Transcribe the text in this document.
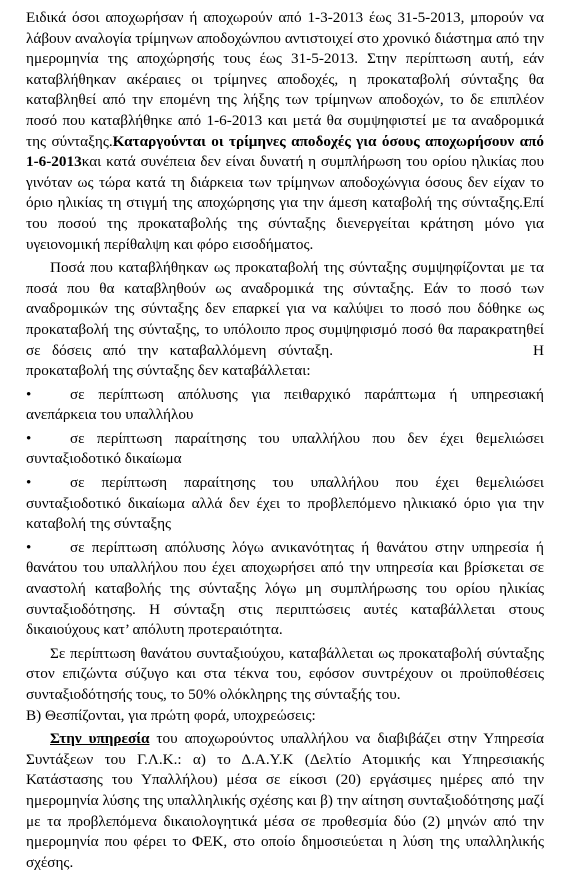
Ειδικά όσοι αποχωρήσαν ή αποχωρούν από 1-3-2013 έως 31-5-2013, μπορούν να λάβουν αναλογία τρίμηνων αποδοχώνπου αντιστοιχεί στο χρονικό διάστημα από την ημερομηνία της αποχώρησής τους έως 31-5-2013. Στην περίπτωση αυτή, εάν καταβλήθηκαν ακέραιες οι τρίμηνες αποδοχές, η προκαταβολή σύνταξης θα καταβληθεί από την επομένη της λήξης των τρίμηνων αποδοχών, το δε επιπλέον ποσό που καταβλήθηκε από 1-6-2013 και μετά θα συμψηφιστεί με τα αναδρομικά της σύνταξης.Καταργούνται οι τρίμηνες αποδοχές για όσους αποχωρήσουν από 1-6-2013και κατά συνέπεια δεν είναι δυνατή η συμπλήρωση του ορίου ηλικίας που γινόταν ως τώρα κατά τη διάρκεια των τρίμηνων αποδοχώνγια όσους δεν είχαν το όριο ηλικίας τη στιγμή της αποχώρησης για την άμεση καταβολή της σύνταξης.Επί του ποσού της προκαταβολής της σύνταξης διενεργείται κράτηση μόνο για υγειονομική περίθαλψη και φόρο εισοδήματος.

Ποσά που καταβλήθηκαν ως προκαταβολή της σύνταξης συμψηφίζονται με τα ποσά που θα καταβληθούν ως αναδρομικά της σύνταξης. Εάν το ποσό των αναδρομικών της σύνταξης δεν επαρκεί για να καλύψει το ποσό που δόθηκε ως προκαταβολή της σύνταξης, το υπόλοιπο προς συμψηφισμό ποσό θα παρακρατηθεί σε δόσεις από την καταβαλλόμενη σύνταξη.	Η

προκαταβολή της σύνταξης δεν καταβάλλεται:

•	σε περίπτωση απόλυσης για πειθαρχικό παράπτωμα ή υπηρεσιακή ανεπάρκεια του υπαλλήλου

•	σε περίπτωση παραίτησης του υπαλλήλου που δεν έχει θεμελιώσει συνταξιοδοτικό δικαίωμα

•	σε περίπτωση παραίτησης του υπαλλήλου που έχει θεμελιώσει συνταξιοδοτικό δικαίωμα αλλά δεν έχει το προβλεπόμενο ηλικιακό όριο για την καταβολή της σύνταξης

•	σε περίπτωση απόλυσης λόγω ανικανότητας ή θανάτου στην υπηρεσία ή θανάτου του υπαλλήλου που έχει αποχωρήσει από την υπηρεσία και βρίσκεται σε αναστολή καταβολής της σύνταξης λόγω μη συμπλήρωσης του ορίου ηλικίας συνταξιοδότησης. Η σύνταξη στις περιπτώσεις αυτές καταβάλλεται στους δικαιούχους κατ’ απόλυτη προτεραιότητα.

Σε περίπτωση θανάτου συνταξιούχου, καταβάλλεται ως προκαταβολή σύνταξης στον επιζώντα σύζυγο και στα τέκνα του, εφόσον συντρέχουν οι προϋποθέσεις συνταξιοδότησής τους, το 50% ολόκληρης της σύνταξής του.

Β) Θεσπίζονται, για πρώτη φορά, υποχρεώσεις:

Στην υπηρεσία του αποχωρούντος υπαλλήλου να διαβιβάζει στην Υπηρεσία Συντάξεων του Γ.Λ.Κ.: α) το Δ.Α.Υ.Κ (Δελτίο Ατομικής και Υπηρεσιακής Κατάστασης του Υπαλλήλου) μέσα σε είκοσι (20) εργάσιμες ημέρες από την ημερομηνία λύσης της υπαλληλικής σχέσης και β) την αίτηση συνταξιοδότησης μαζί με τα προβλεπόμενα δικαιολογητικά μέσα σε προθεσμία δύο (2) μηνών από την ημερομηνία που φέρει το ΦΕΚ, στο οποίο δημοσιεύεται η λύση της υπαλληλικής σχέσης.
